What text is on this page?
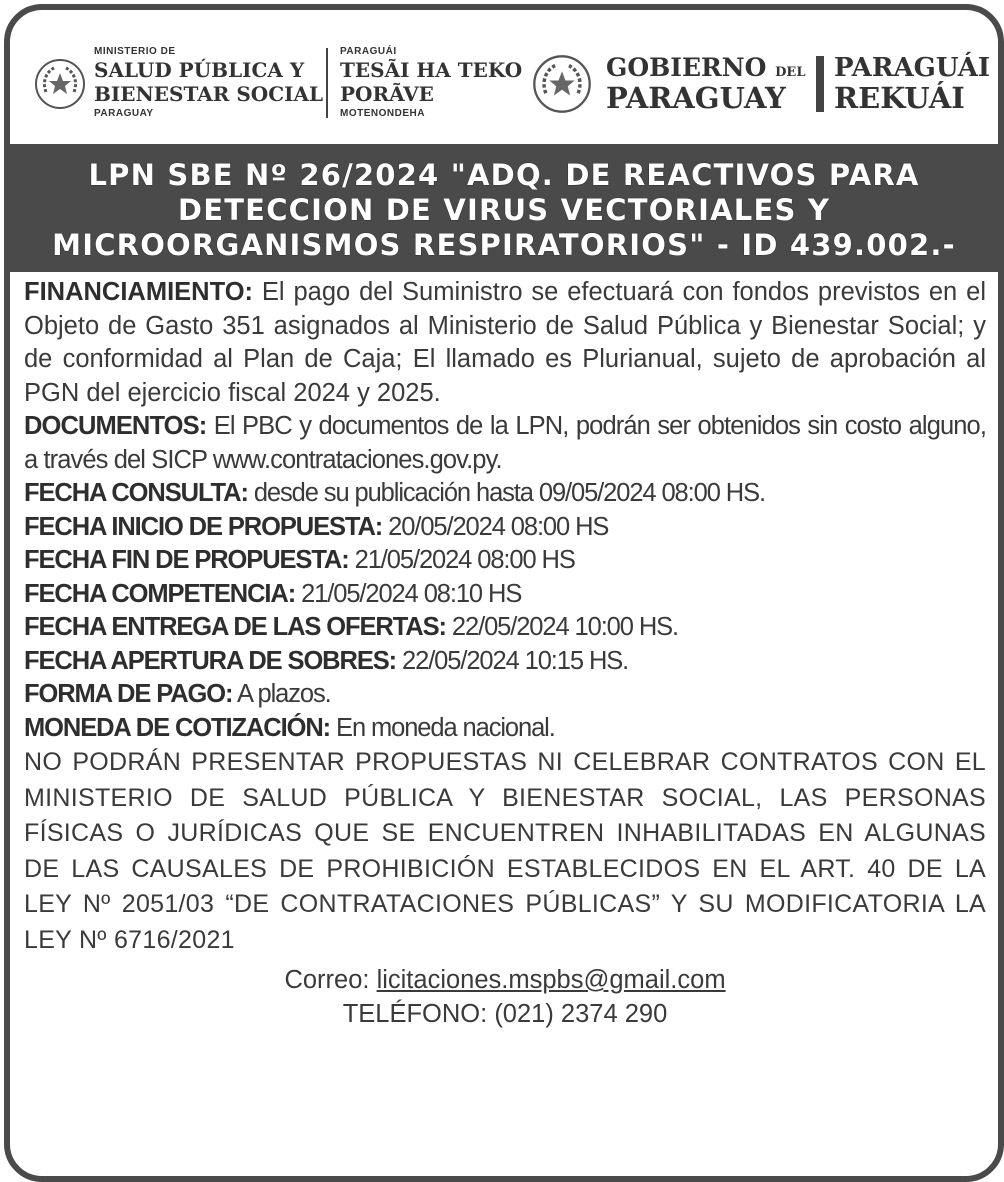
MINISTERIO DE
SALUD PÚBLICA Y
BIENESTAR SOCIAL
PARAGUAY
PARAGUÁI
TESÃI HA TEKO
PORÃVE
MOTENONDEHA
GOBIERNO DEL
PARAGUAY
PARAGUÁI
REKUÁI
LPN SBE Nº 26/2024 "ADQ. DE REACTIVOS PARA DETECCION DE VIRUS VECTORIALES Y MICROORGANISMOS RESPIRATORIOS" - ID 439.002.-

FINANCIAMIENTO: El pago del Suministro se efectuará con fondos previstos en el Objeto de Gasto 351 asignados al Ministerio de Salud Pública y Bienestar Social; y de conformidad al Plan de Caja; El llamado es Plurianual, sujeto de aprobación al PGN del ejercicio fiscal 2024 y 2025.

DOCUMENTOS: El PBC y documentos de la LPN, podrán ser obtenidos sin costo alguno, a través del SICP www.contrataciones.gov.py.

FECHA CONSULTA: desde su publicación hasta 09/05/2024 08:00 HS.

FECHA INICIO DE PROPUESTA: 20/05/2024 08:00 HS

FECHA FIN DE PROPUESTA: 21/05/2024 08:00 HS

FECHA COMPETENCIA: 21/05/2024 08:10 HS

FECHA ENTREGA DE LAS OFERTAS: 22/05/2024 10:00 HS.

FECHA APERTURA DE SOBRES: 22/05/2024 10:15 HS.

FORMA DE PAGO: A plazos.

MONEDA DE COTIZACIÓN: En moneda nacional.

NO PODRÁN PRESENTAR PROPUESTAS NI CELEBRAR CONTRATOS CON EL MINISTERIO DE SALUD PÚBLICA Y BIENESTAR SOCIAL, LAS PERSONAS FÍSICAS O JURÍDICAS QUE SE ENCUENTREN INHABILITADAS EN ALGUNAS DE LAS CAUSALES DE PROHIBICIÓN ESTABLECIDOS EN EL ART. 40 DE LA LEY Nº 2051/03 “DE CONTRATACIONES PÚBLICAS” Y SU MODIFICATORIA LA LEY Nº 6716/2021

Correo: licitaciones.mspbs@gmail.com

TELÉFONO: (021) 2374 290
